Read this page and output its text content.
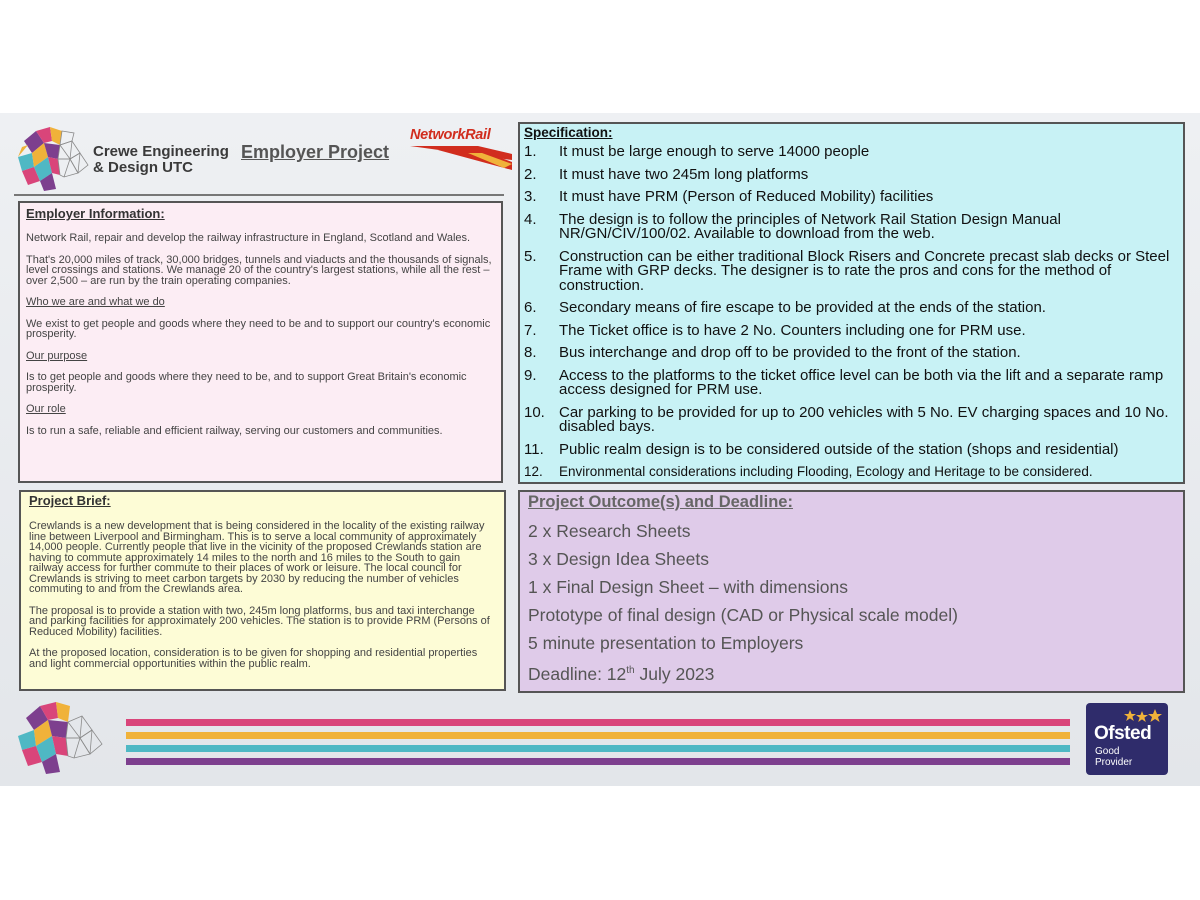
Crewe Engineering
& Design UTC
Employer Project
NetworkRail
Employer Information:

Network Rail, repair and develop the railway infrastructure in England, Scotland and Wales.

That's 20,000 miles of track, 30,000 bridges, tunnels and viaducts and the thousands of signals, level crossings and stations. We manage 20 of the country's largest stations, while all the rest – over 2,500 – are run by the train operating companies.

Who we are and what we do

We exist to get people and goods where they need to be and to support our country's economic prosperity.

Our purpose

Is to get people and goods where they need to be, and to support Great Britain's economic prosperity.

Our role

Is to run a safe, reliable and efficient railway, serving our customers and communities.

Project Brief:

Crewlands is a new development that is being considered in the locality of the existing railway line between Liverpool and Birmingham. This is to serve a local community of approximately 14,000 people. Currently people that live in the vicinity of the proposed Crewlands station are having to commute approximately 14 miles to the north and 16 miles to the South to gain railway access for further commute to their places of work or leisure. The local council for Crewlands is striving to meet carbon targets by 2030 by reducing the number of vehicles commuting to and from the Crewlands area.

The proposal is to provide a station with two, 245m long platforms, bus and taxi interchange and parking facilities for approximately 200 vehicles. The station is to provide PRM (Persons of Reduced Mobility) facilities.

At the proposed location, consideration is to be given for shopping and residential properties and light commercial opportunities within the public realm.

Specification:
1. It must be large enough to serve 14000 people
2. It must have two 245m long platforms
3. It must have PRM (Person of Reduced Mobility) facilities
4. The design is to follow the principles of Network Rail Station Design Manual NR/GN/CIV/100/02. Available to download from the web.
5. Construction can be either traditional Block Risers and Concrete precast slab decks or Steel Frame with GRP decks. The designer is to rate the pros and cons for the method of construction.
6. Secondary means of fire escape to be provided at the ends of the station.
7. The Ticket office is to have 2 No. Counters including one for PRM use.
8. Bus interchange and drop off to be provided to the front of the station.
9. Access to the platforms to the ticket office level can be both via the lift and a separate ramp access designed for PRM use.
10. Car parking to be provided for up to 200 vehicles with 5 No. EV charging spaces and 10 No. disabled bays.
11. Public realm design is to be considered outside of the station (shops and residential)
12. Environmental considerations including Flooding, Ecology and Heritage to be considered.
Project Outcome(s) and Deadline:
2 x Research Sheets
3 x Design Idea Sheets
1 x Final Design Sheet – with dimensions
Prototype of final design (CAD or Physical scale model)
5 minute presentation to Employers
Deadline: 12th July 2023
Ofsted
Good
Provider
